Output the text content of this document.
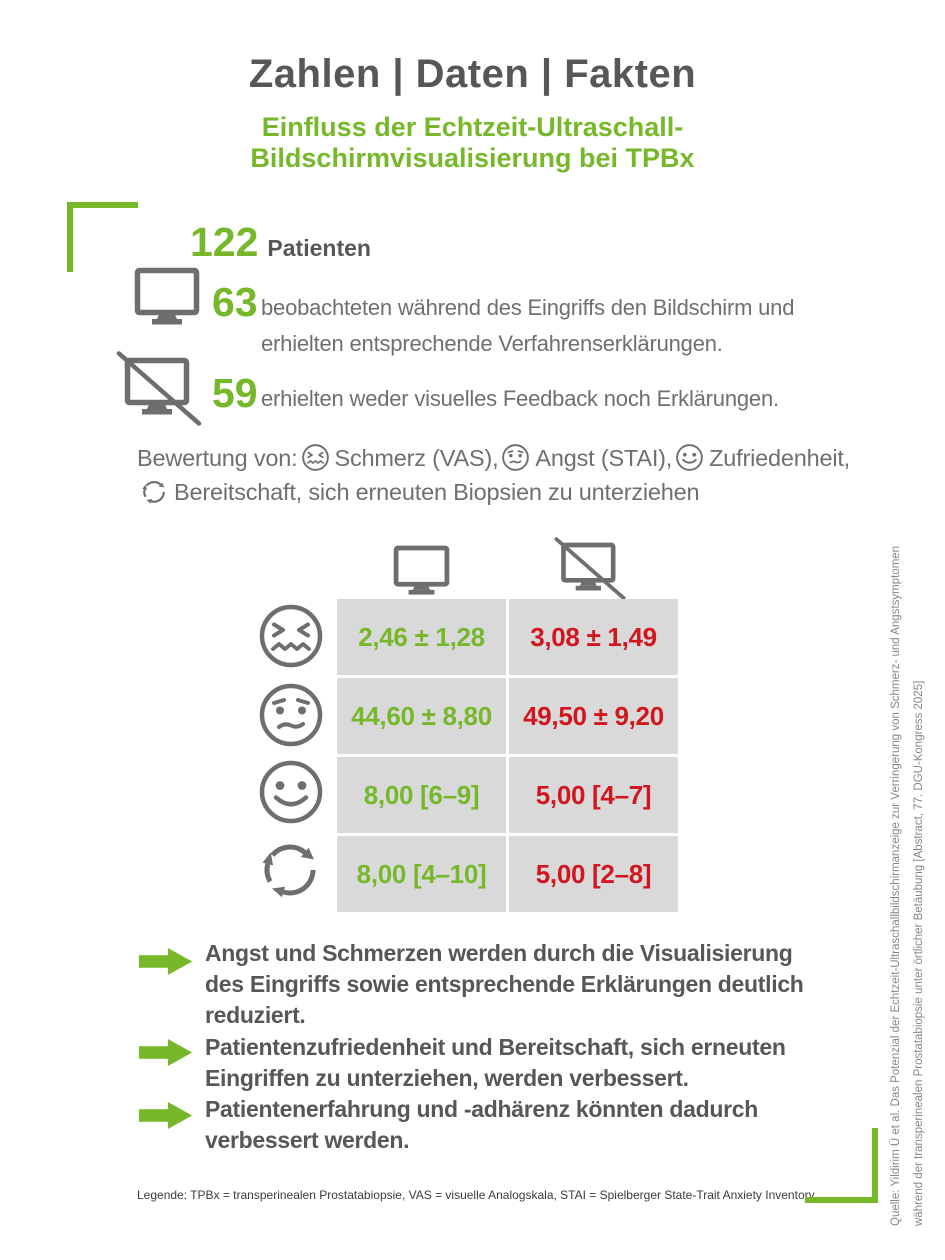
Zahlen | Daten | Fakten
Einfluss der Echtzeit-Ultraschall-
Bildschirmvisualisierung bei TPBx
122 Patienten
63 beobachteten während des Eingriffs den Bildschirm und
erhielten entsprechende Verfahrenserklärungen.
59 erhielten weder visuelles Feedback noch Erklärungen.
Bewertung von: Schmerz (VAS), Angst (STAI), Zufriedenheit,
Bereitschaft, sich erneuten Biopsien zu unterziehen
2,46 ± 1,28	3,08 ± 1,49
44,60 ± 8,80	49,50 ± 9,20
8,00 [6–9]	5,00 [4–7]
8,00 [4–10]	5,00 [2–8]
Angst und Schmerzen werden durch die Visualisierung
des Eingriffs sowie entsprechende Erklärungen deutlich
reduziert.
Patientenzufriedenheit und Bereitschaft, sich erneuten
Eingriffen zu unterziehen, werden verbessert.
Patientenerfahrung und -adhärenz könnten dadurch
verbessert werden.
Legende: TPBx = transperinealen Prostatabiopsie, VAS = visuelle Analogskala, STAI = Spielberger State-Trait Anxiety Inventory	Quelle: Yildirim Ü et al. Das Potenzial der Echtzeit-Ultraschallbildschirmanzeige zur Verringerung von Schmerz- und Angstsymptomen während der transperinealen Prostatabiopsie unter örtlicher Betäubung [Abstract, 77. DGU-Kongress 2025]
